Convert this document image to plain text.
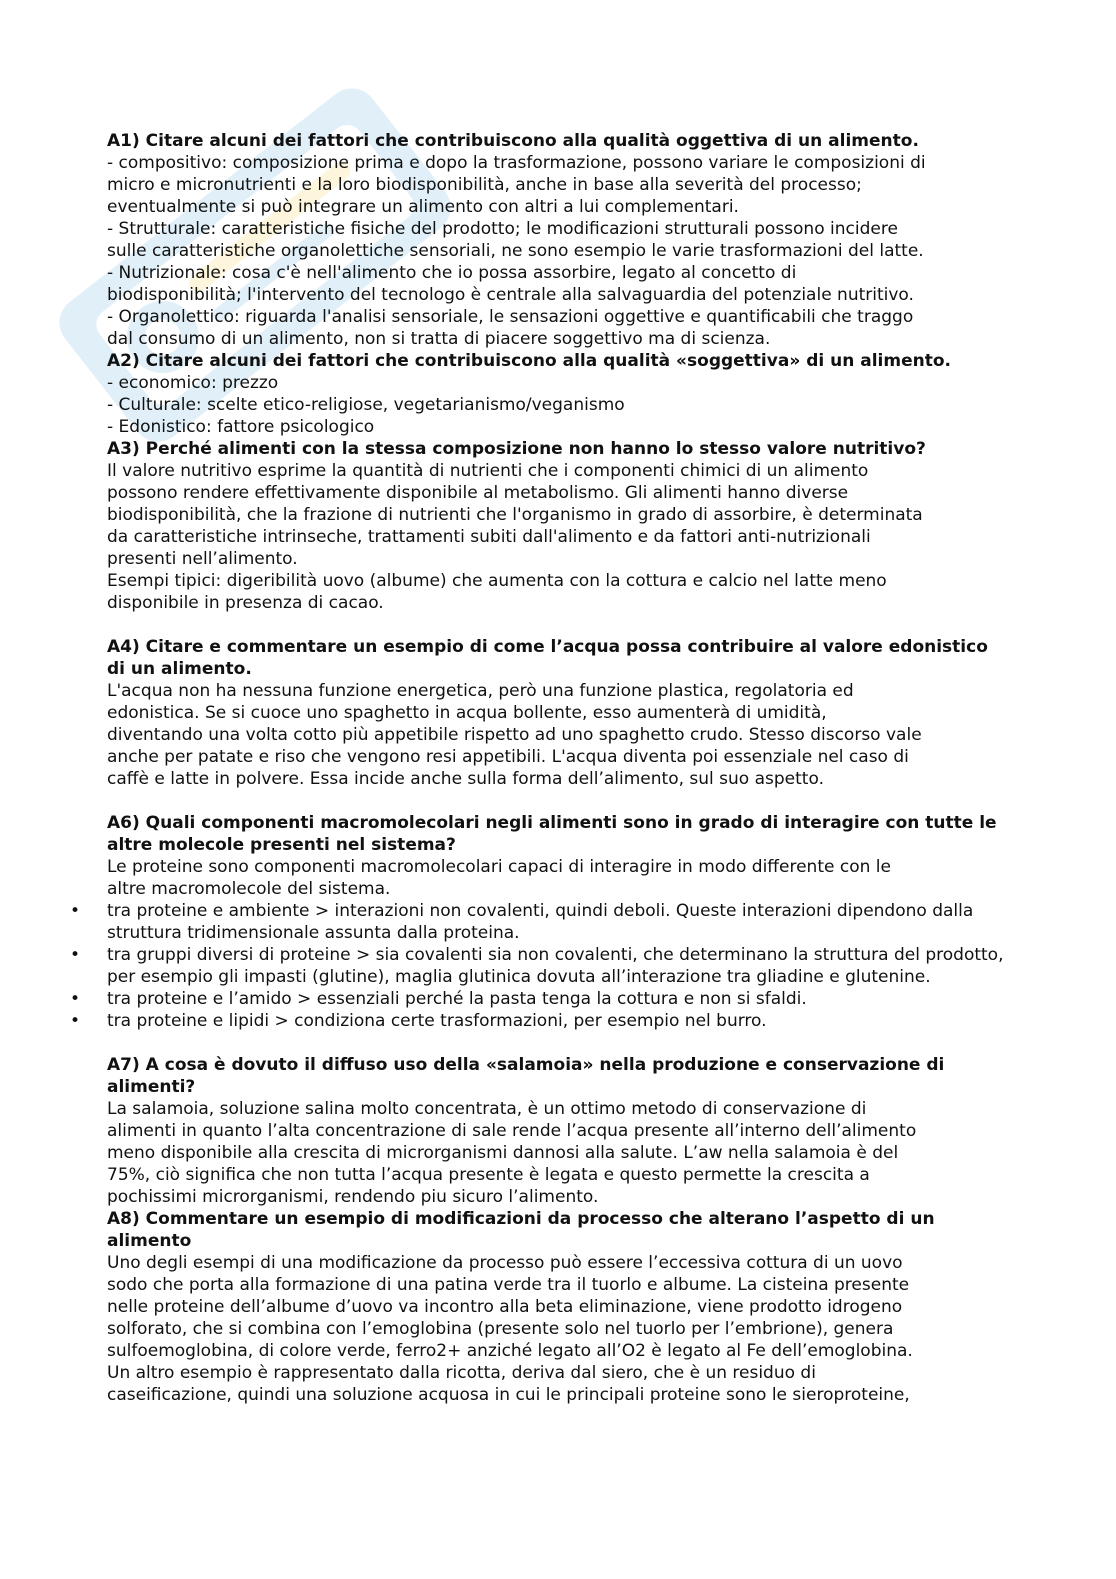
A1) Citare alcuni dei fattori che contribuiscono alla qualità oggettiva di un alimento.

- compositivo: composizione prima e dopo la trasformazione, possono variare le composizioni di

micro e micronutrienti e la loro biodisponibilità, anche in base alla severità del processo;

eventualmente si può integrare un alimento con altri a lui complementari.

- Strutturale: caratteristiche fisiche del prodotto; le modificazioni strutturali possono incidere

sulle caratteristiche organolettiche sensoriali, ne sono esempio le varie trasformazioni del latte.

- Nutrizionale: cosa c'è nell'alimento che io possa assorbire, legato al concetto di

biodisponibilità; l'intervento del tecnologo è centrale alla salvaguardia del potenziale nutritivo.

- Organolettico: riguarda l'analisi sensoriale, le sensazioni oggettive e quantificabili che traggo

dal consumo di un alimento, non si tratta di piacere soggettivo ma di scienza.

A2) Citare alcuni dei fattori che contribuiscono alla qualità «soggettiva» di un alimento.

- economico: prezzo

- Culturale: scelte etico-religiose, vegetarianismo/veganismo

- Edonistico: fattore psicologico

A3) Perché alimenti con la stessa composizione non hanno lo stesso valore nutritivo?

Il valore nutritivo esprime la quantità di nutrienti che i componenti chimici di un alimento

possono rendere effettivamente disponibile al metabolismo. Gli alimenti hanno diverse

biodisponibilità, che la frazione di nutrienti che l'organismo in grado di assorbire, è determinata

da caratteristiche intrinseche, trattamenti subiti dall'alimento e da fattori anti-nutrizionali

presenti nell’alimento.

Esempi tipici: digeribilità uovo (albume) che aumenta con la cottura e calcio nel latte meno

disponibile in presenza di cacao.

A4) Citare e commentare un esempio di come l’acqua possa contribuire al valore edonistico di un alimento.

L'acqua non ha nessuna funzione energetica, però una funzione plastica, regolatoria ed

edonistica. Se si cuoce uno spaghetto in acqua bollente, esso aumenterà di umidità,

diventando una volta cotto più appetibile rispetto ad uno spaghetto crudo. Stesso discorso vale

anche per patate e riso che vengono resi appetibili. L'acqua diventa poi essenziale nel caso di

caffè e latte in polvere. Essa incide anche sulla forma dell’alimento, sul suo aspetto.

A6) Quali componenti macromolecolari negli alimenti sono in grado di interagire con tutte le altre molecole presenti nel sistema?

Le proteine sono componenti macromolecolari capaci di interagire in modo differente con le

altre macromolecole del sistema.

• tra proteine e ambiente > interazioni non covalenti, quindi deboli. Queste interazioni dipendono dalla struttura tridimensionale assunta dalla proteina.
• tra gruppi diversi di proteine > sia covalenti sia non covalenti, che determinano la struttura del prodotto, per esempio gli impasti (glutine), maglia glutinica dovuta all’interazione tra gliadine e glutenine.
• tra proteine e l’amido > essenziali perché la pasta tenga la cottura e non si sfaldi.
• tra proteine e lipidi > condiziona certe trasformazioni, per esempio nel burro.

A7) A cosa è dovuto il diffuso uso della «salamoia» nella produzione e conservazione di alimenti?

La salamoia, soluzione salina molto concentrata, è un ottimo metodo di conservazione di

alimenti in quanto l’alta concentrazione di sale rende l’acqua presente all’interno dell’alimento

meno disponibile alla crescita di microrganismi dannosi alla salute. L’aw nella salamoia è del

75%, ciò significa che non tutta l’acqua presente è legata e questo permette la crescita a

pochissimi microrganismi, rendendo piu sicuro l’alimento.

A8) Commentare un esempio di modificazioni da processo che alterano l’aspetto di un alimento

Uno degli esempi di una modificazione da processo può essere l’eccessiva cottura di un uovo

sodo che porta alla formazione di una patina verde tra il tuorlo e albume. La cisteina presente

nelle proteine dell’albume d’uovo va incontro alla beta eliminazione, viene prodotto idrogeno

solforato, che si combina con l’emoglobina (presente solo nel tuorlo per l’embrione), genera

sulfoemoglobina, di colore verde, ferro2+ anziché legato all’O2 è legato al Fe dell’emoglobina.

Un altro esempio è rappresentato dalla ricotta, deriva dal siero, che è un residuo di

caseificazione, quindi una soluzione acquosa in cui le principali proteine sono le sieroproteine,
